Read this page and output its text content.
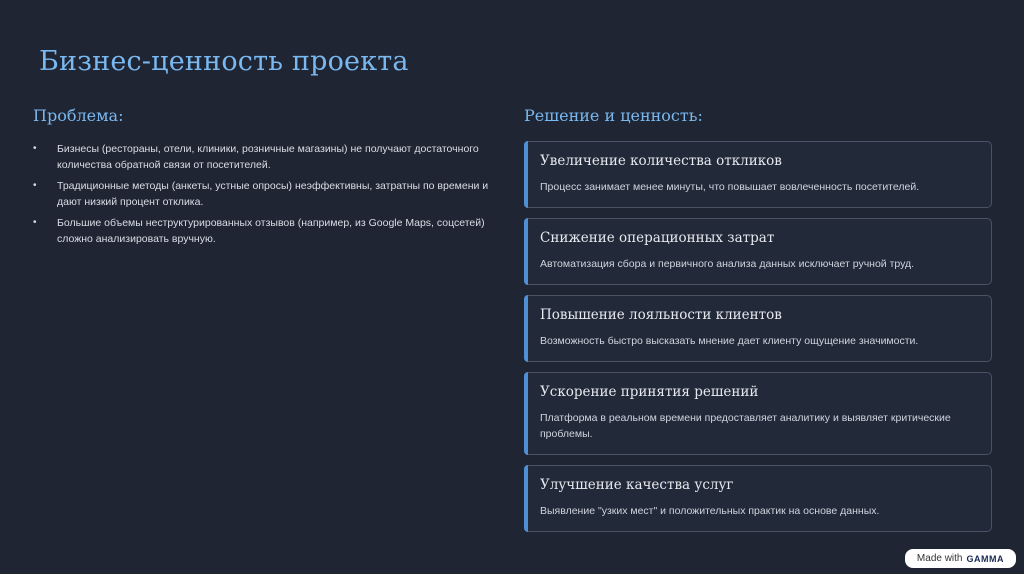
Бизнес-ценность проекта
Проблема:
• Бизнесы (рестораны, отели, клиники, розничные магазины) не получают достаточного количества обратной связи от посетителей.
• Традиционные методы (анкеты, устные опросы) неэффективны, затратны по времени и дают низкий процент отклика.
• Большие объемы неструктурированных отзывов (например, из Google Maps, соцсетей) сложно анализировать вручную.
Решение и ценность:
Увеличение количества откликов
Процесс занимает менее минуты, что повышает вовлеченность посетителей.
Снижение операционных затрат
Автоматизация сбора и первичного анализа данных исключает ручной труд.
Повышение лояльности клиентов
Возможность быстро высказать мнение дает клиенту ощущение значимости.
Ускорение принятия решений
Платформа в реальном времени предоставляет аналитику и выявляет критические проблемы.
Улучшение качества услуг
Выявление "узких мест" и положительных практик на основе данных.
Made with GAMMA
